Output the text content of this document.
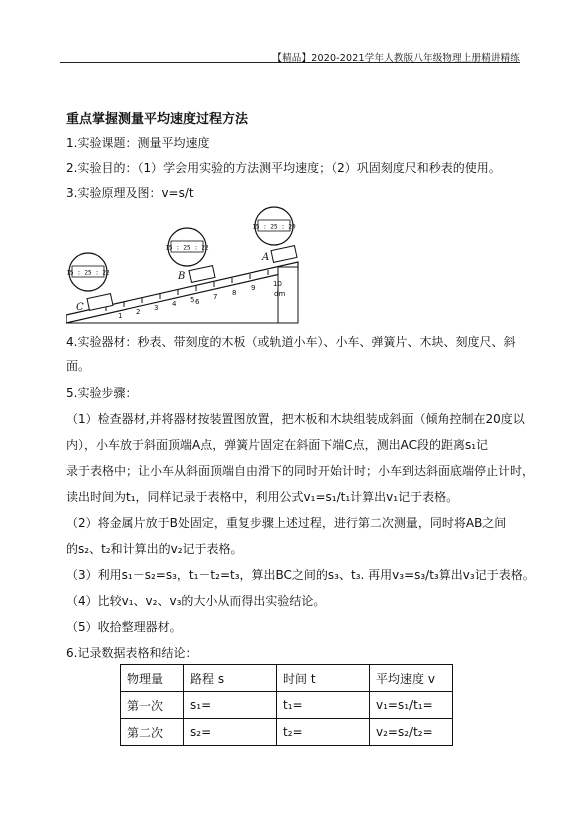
【精品】2020-2021学年人教版八年级物理上册精讲精练
重点掌握测量平均速度过程方法
1.实验课题：测量平均速度
2.实验目的：（1）学会用实验的方法测平均速度；（2）巩固刻度尺和秒表的使用。
3.实验原理及图：v=s/t
1 2 3 4 5 6
7 8
9	10
dm
C
B
A
15 : 25 : 22
15 : 25 : 22
15 : 25 : 20
4.实验器材：秒表、带刻度的木板（或轨道小车）、小车、弹簧片、木块、刻度尺、斜
面。
5.实验步骤：
（1）检查器材,并将器材按装置图放置，把木板和木块组装成斜面（倾角控制在20度以
内），小车放于斜面顶端A点，弹簧片固定在斜面下端C点，测出AC段的距离s₁记
录于表格中；让小车从斜面顶端自由滑下的同时开始计时；小车到达斜面底端停止计时，
读出时间为t₁，同样记录于表格中，利用公式v₁=s₁/t₁计算出v₁记于表格。
（2）将金属片放于B处固定，重复步骤上述过程，进行第二次测量，同时将AB之间
的s₂、t₂和计算出的v₂记于表格。
（3）利用s₁－s₂=s₃，t₁－t₂=t₃，算出BC之间的s₃、t₃. 再用v₃=s₃/t₃算出v₃记于表格。
（4）比较v₁、v₂、v₃的大小从而得出实验结论。
（5）收拾整理器材。
6.记录数据表格和结论：
物理量	路程 s	时间 t	平均速度 v
第一次	s₁=	t₁=	v₁=s₁/t₁=
第二次	s₂=	t₂=	v₂=s₂/t₂=
